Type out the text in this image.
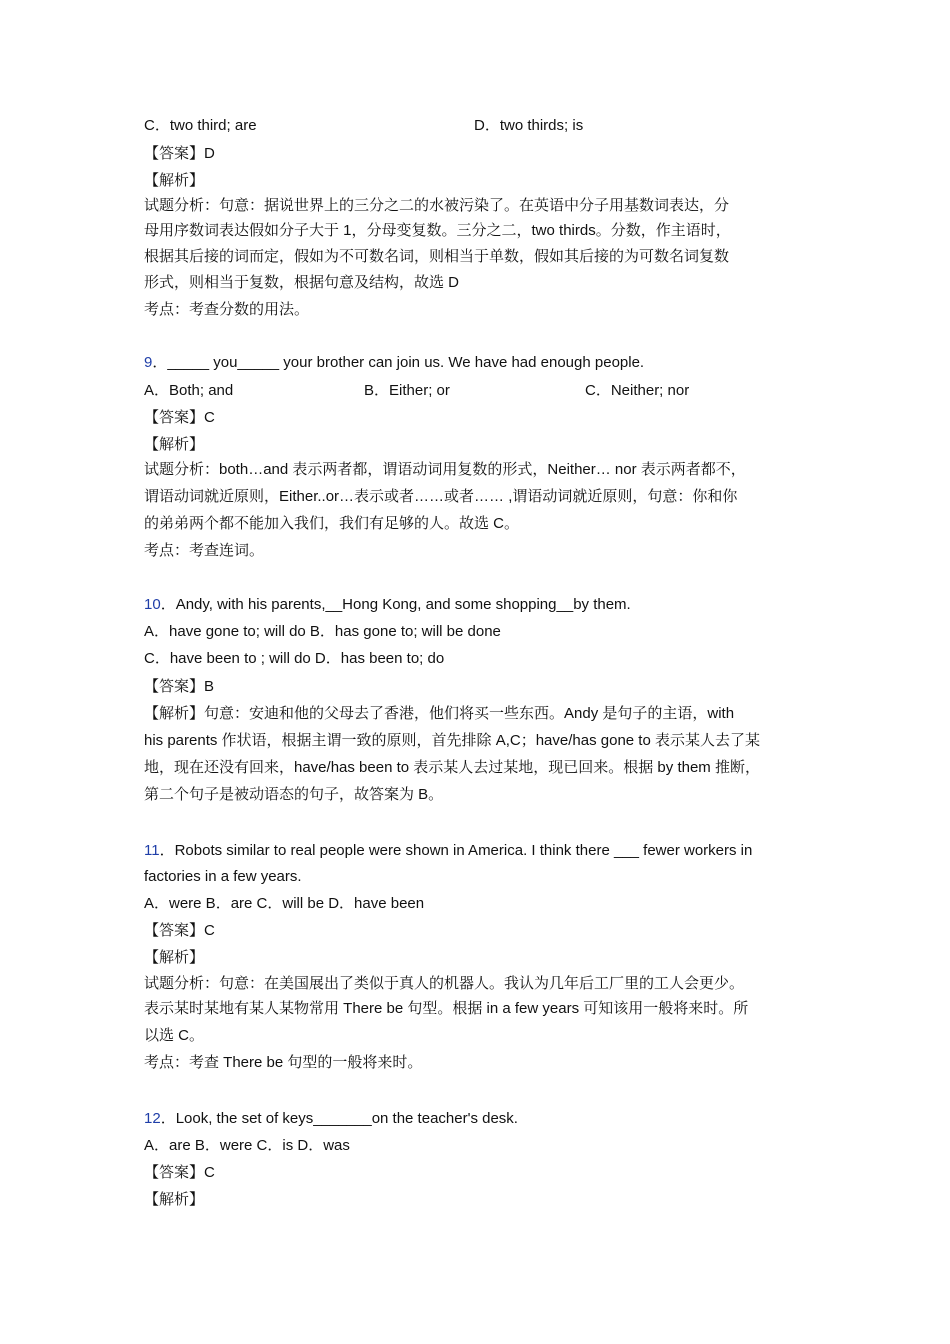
C．two third; are	D．two thirds; is
【答案】D
【解析】
试题分析：句意：据说世界上的三分之二的水被污染了。在英语中分子用基数词表达，分
母用序数词表达假如分子大于 1，分母变复数。三分之二，two thirds。分数，作主语时，
根据其后接的词而定，假如为不可数名词，则相当于单数，假如其后接的为可数名词复数
形式，则相当于复数，根据句意及结构，故选 D
考点：考查分数的用法。
9．_____ you_____ your brother can join us. We have had enough people.
A．Both; and	B．Either; or	C．Neither; nor
【答案】C
【解析】
试题分析：both…and 表示两者都，谓语动词用复数的形式，Neither… nor 表示两者都不，
谓语动词就近原则，Either..or…表示或者……或者…… ,谓语动词就近原则，句意：你和你
的弟弟两个都不能加入我们，我们有足够的人。故选 C。
考点：考查连词。
10．Andy, with his parents,__Hong Kong, and some shopping__by them.
A．have gone to; will do B．has gone to; will be done
C．have been to ; will do D．has been to; do
【答案】B
【解析】句意：安迪和他的父母去了香港，他们将买一些东西。Andy 是句子的主语，with
his parents 作状语，根据主谓一致的原则，首先排除 A,C；have/has gone to 表示某人去了某
地，现在还没有回来，have/has been to 表示某人去过某地，现已回来。根据 by them 推断，
第二个句子是被动语态的句子，故答案为 B。
11．Robots similar to real people were shown in America. I think there ___ fewer workers in
factories in a few years.
A．were B．are C．will be D．have been
【答案】C
【解析】
试题分析：句意：在美国展出了类似于真人的机器人。我认为几年后工厂里的工人会更少。
表示某时某地有某人某物常用 There be 句型。根据 in a few years 可知该用一般将来时。所
以选 C。
考点：考查 There be 句型的一般将来时。
12．Look, the set of keys_______on the teacher's desk.
A．are B．were C．is D．was
【答案】C
【解析】
